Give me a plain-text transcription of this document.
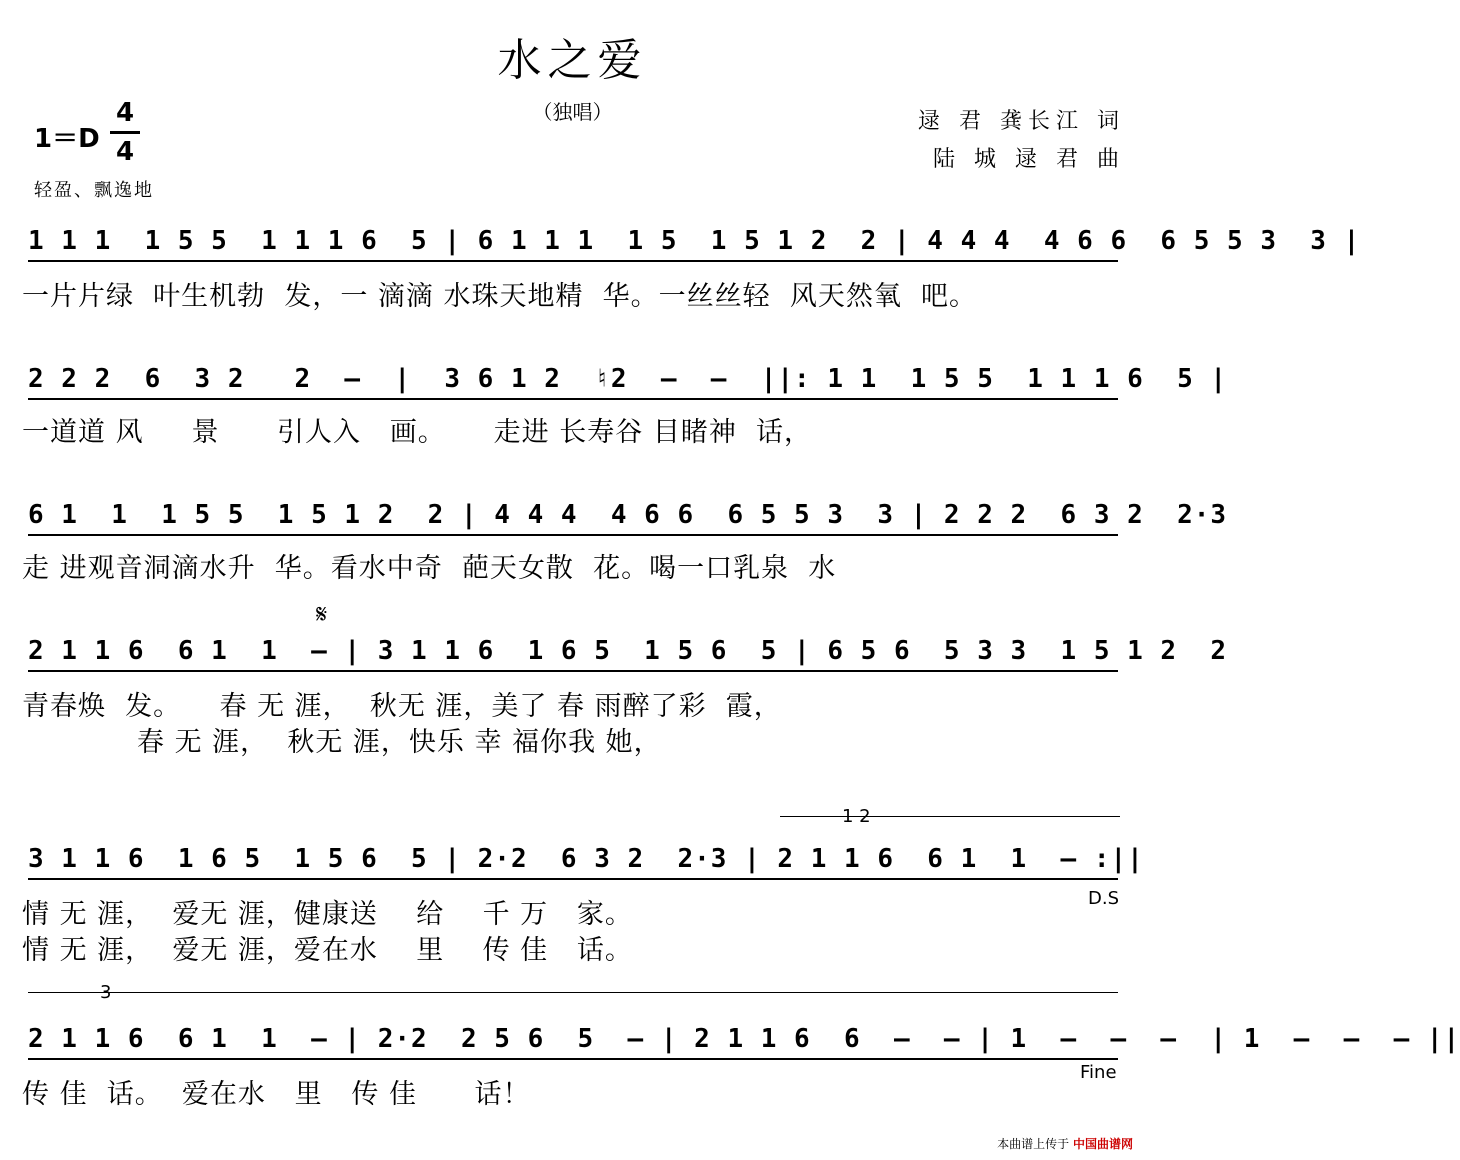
水之爱
（独唱）	逯 君 龚长江 词
陆 城 逯 君 曲
1＝D
4
4
轻盈、飘逸地
1 1 1  1 5 5  1 1 1 6  5 | 6 1 1 1  1 5  1 5 1 2  2 | 4 4 4  4 6 6  6 5 5 3  3 |
一片片绿  叶生机勃  发，一 滴滴 水珠天地精  华。一丝丝轻  风天然氧  吧。
2 2 2  6  3 2   2  –  |  3 6 1 2  ♮2  –  –  ||: 1 1  1 5 5  1 1 1 6  5 |
一道道 风     景      引人入   画。     走进 长寿谷 目睹神  话，
6 1  1  1 5 5  1 5 1 2  2 | 4 4 4  4 6 6  6 5 5 3  3 | 2 2 2  6 3 2  2·3
走 进观音洞滴水升  华。看水中奇  葩天女散  花。喝一口乳泉  水
𝄋
2 1 1 6  6 1  1  – | 3 1 1 6  1 6 5  1 5 6  5 | 6 5 6  5 3 3  1 5 1 2  2
青春焕  发。    春 无 涯，  秋无 涯，美了 春 雨醉了彩  霞，
春 无 涯，  秋无 涯，快乐 幸 福你我 她，
1 2
3 1 1 6  1 6 5  1 5 6  5 | 2·2  6 3 2  2·3 | 2 1 1 6  6 1  1  – :||
D.S
情 无 涯，  爱无 涯，健康送    给    千 万   家。
情 无 涯，  爱无 涯，爱在水    里    传 佳   话。
3
2 1 1 6  6 1  1  – | 2·2  2 5 6  5  – | 2 1 1 6  6  –  – | 1  –  –  –  | 1  –  –  – ||
Fine
传 佳  话。  爱在水   里   传 佳      话！
本曲谱上传于 中国曲谱网
